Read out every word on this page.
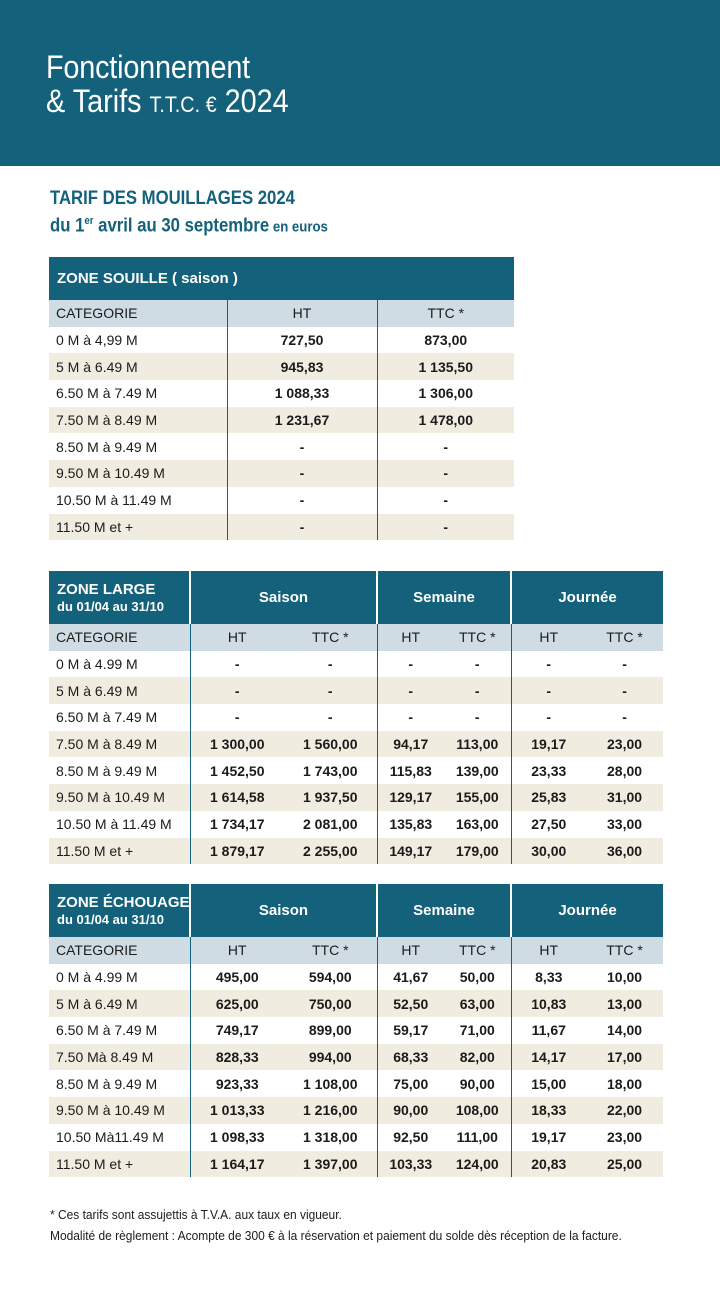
Fonctionnement
& Tarifs T.T.C. € 2024
TARIF DES MOUILLAGES 2024
du 1er avril au 30 septembre en euros
ZONE SOUILLE ( saison )		
CATEGORIE	HT	TTC *
0 M à 4,99 M	727,50	873,00
5 M à 6.49 M	945,83	1 135,50
6.50 M à 7.49 M	1 088,33	1 306,00
7.50 M à 8.49 M	1 231,67	1 478,00
8.50 M à 9.49 M	-	-
9.50 M à 10.49 M	-	-
10.50 M à 11.49 M	-	-
11.50 M et +	-	-
ZONE LARGE
du 01/04 au 31/10	Saison		Semaine		Journée	
CATEGORIE	HT	TTC *	HT	TTC *	HT	TTC *
0 M à 4.99 M	-	-	-	-	-	-
5 M à 6.49 M	-	-	-	-	-	-
6.50 M à 7.49 M	-	-	-	-	-	-
7.50 M à 8.49 M	1 300,00	1 560,00	94,17	113,00	19,17	23,00
8.50 M à 9.49 M	1 452,50	1 743,00	115,83	139,00	23,33	28,00
9.50 M à 10.49 M	1 614,58	1 937,50	129,17	155,00	25,83	31,00
10.50 M à 11.49 M	1 734,17	2 081,00	135,83	163,00	27,50	33,00
11.50 M et +	1 879,17	2 255,00	149,17	179,00	30,00	36,00
ZONE ÉCHOUAGE
du 01/04 au 31/10	Saison		Semaine		Journée	
CATEGORIE	HT	TTC *	HT	TTC *	HT	TTC *
0 M à 4.99 M	495,00	594,00	41,67	50,00	8,33	10,00
5 M à 6.49 M	625,00	750,00	52,50	63,00	10,83	13,00
6.50 M à 7.49 M	749,17	899,00	59,17	71,00	11,67	14,00
7.50 Mà 8.49 M	828,33	994,00	68,33	82,00	14,17	17,00
8.50 M à 9.49 M	923,33	1 108,00	75,00	90,00	15,00	18,00
9.50 M à 10.49 M	1 013,33	1 216,00	90,00	108,00	18,33	22,00
10.50 Mà11.49 M	1 098,33	1 318,00	92,50	111,00	19,17	23,00
11.50 M et +	1 164,17	1 397,00	103,33	124,00	20,83	25,00
* Ces tarifs sont assujettis à T.V.A. aux taux en vigueur.
Modalité de règlement : Acompte de 300 € à la réservation et paiement du solde dès réception de la facture.
